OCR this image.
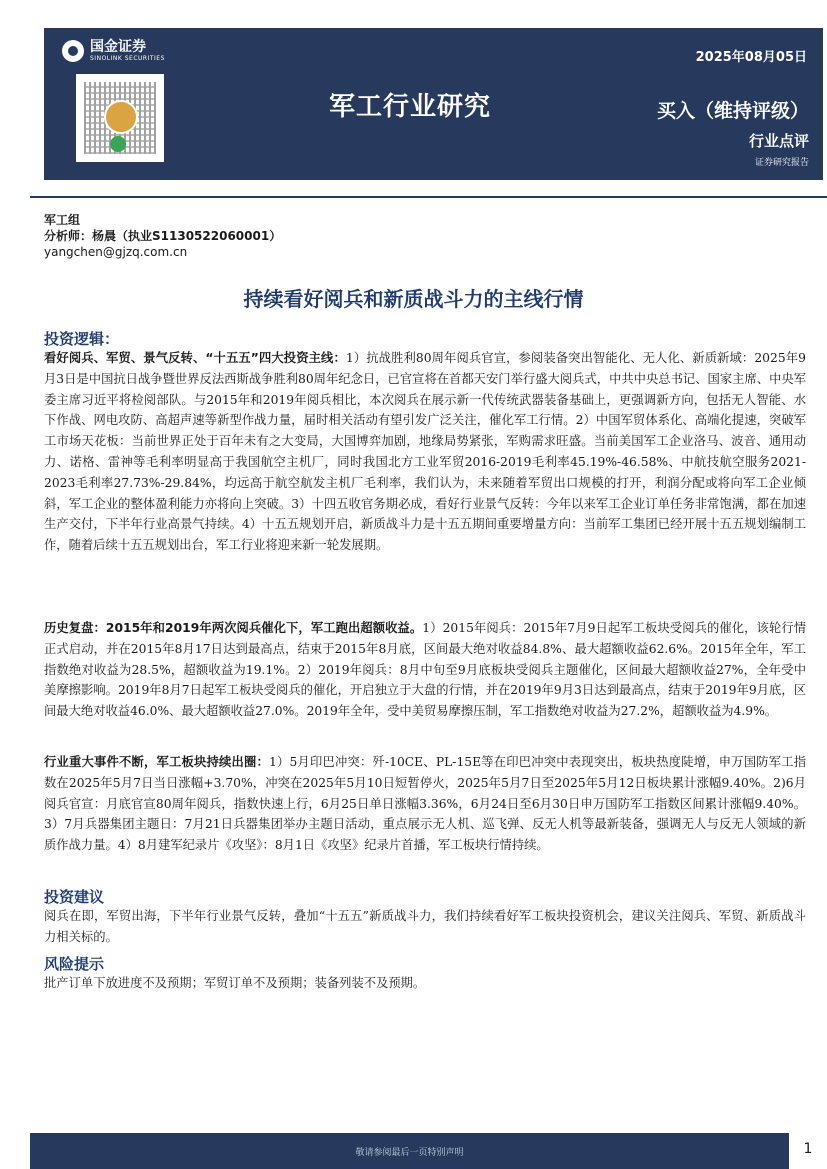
国金证券
SINOLINK SECURITIES	2025年08月05日
军工行业研究	买入（维持评级）
行业点评
证券研究报告
军工组
分析师：杨晨（执业S1130522060001）
yangchen@gjzq.com.cn
持续看好阅兵和新质战斗力的主线行情
投资逻辑：
看好阅兵、军贸、景气反转、“十五五”四大投资主线：1）抗战胜利80周年阅兵官宣，参阅装备突出智能化、无人化、新质新域：2025年9月3日是中国抗日战争暨世界反法西斯战争胜利80周年纪念日，已官宣将在首都天安门举行盛大阅兵式，中共中央总书记、国家主席、中央军委主席习近平将检阅部队。与2015年和2019年阅兵相比，本次阅兵在展示新一代传统武器装备基础上，更强调新方向，包括无人智能、水下作战、网电攻防、高超声速等新型作战力量，届时相关活动有望引发广泛关注，催化军工行情。2）中国军贸体系化、高端化提速，突破军工市场天花板：当前世界正处于百年未有之大变局，大国博弈加剧，地缘局势紧张，军购需求旺盛。当前美国军工企业洛马、波音、通用动力、诺格、雷神等毛利率明显高于我国航空主机厂，同时我国北方工业军贸2016-2019毛利率45.19%-46.58%、中航技航空服务2021-2023毛利率27.73%-29.84%，均远高于航空航发主机厂毛利率，我们认为，未来随着军贸出口规模的打开，利润分配或将向军工企业倾斜，军工企业的整体盈利能力亦将向上突破。3）十四五收官务期必成，看好行业景气反转：今年以来军工企业订单任务非常饱满，都在加速生产交付，下半年行业高景气持续。4）十五五规划开启，新质战斗力是十五五期间重要增量方向：当前军工集团已经开展十五五规划编制工作，随着后续十五五规划出台，军工行业将迎来新一轮发展期。
历史复盘：2015年和2019年两次阅兵催化下，军工跑出超额收益。1）2015年阅兵：2015年7月9日起军工板块受阅兵的催化，该轮行情正式启动，并在2015年8月17日达到最高点，结束于2015年8月底，区间最大绝对收益84.8%、最大超额收益62.6%。2015年全年，军工指数绝对收益为28.5%，超额收益为19.1%。2）2019年阅兵：8月中旬至9月底板块受阅兵主题催化，区间最大超额收益27%，全年受中美摩擦影响。2019年8月7日起军工板块受阅兵的催化，开启独立于大盘的行情，并在2019年9月3日达到最高点，结束于2019年9月底，区间最大绝对收益46.0%、最大超额收益27.0%。2019年全年，受中美贸易摩擦压制，军工指数绝对收益为27.2%，超额收益为4.9%。
行业重大事件不断，军工板块持续出圈：1）5月印巴冲突：歼-10CE、PL-15E等在印巴冲突中表现突出，板块热度陡增，申万国防军工指数在2025年5月7日当日涨幅+3.70%，冲突在2025年5月10日短暂停火，2025年5月7日至2025年5月12日板块累计涨幅9.40%。2)6月阅兵官宣：月底官宣80周年阅兵，指数快速上行，6月25日单日涨幅3.36%，6月24日至6月30日申万国防军工指数区间累计涨幅9.40%。3）7月兵器集团主题日：7月21日兵器集团举办主题日活动，重点展示无人机、巡飞弹、反无人机等最新装备，强调无人与反无人领域的新质作战力量。4）8月建军纪录片《攻坚》：8月1日《攻坚》纪录片首播，军工板块行情持续。
投资建议
阅兵在即，军贸出海，下半年行业景气反转，叠加“十五五”新质战斗力，我们持续看好军工板块投资机会，建议关注阅兵、军贸、新质战斗力相关标的。
风险提示
批产订单下放进度不及预期；军贸订单不及预期；装备列装不及预期。
敬请参阅最后一页特别声明	1
